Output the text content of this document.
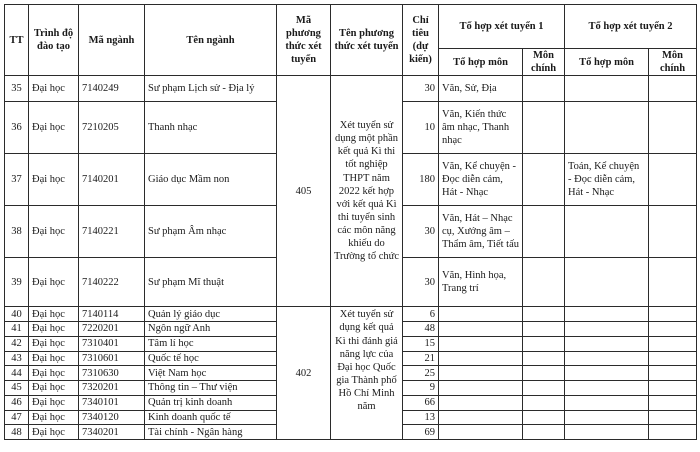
TT	Trình độ đào tạo	Mã ngành	Tên ngành	Mã phương thức xét tuyển	Tên phương thức xét tuyển	Chỉ tiêu (dự kiến)	Tổ hợp xét tuyển 1		Tổ hợp xét tuyển 2	
							Tổ hợp môn	Môn chính	Tổ hợp môn	Môn chính
35	Đại học	7140249	Sư phạm Lịch sử - Địa lý	405	Xét tuyển sử dụng một phần kết quả Kì thi tốt nghiệp THPT năm 2022 kết hợp với kết quả Kì thi tuyển sinh các môn năng khiếu do Trường tổ chức	30	Văn, Sử, Địa			
36	Đại học	7210205	Thanh nhạc			10	Văn, Kiến thức âm nhạc, Thanh nhạc			
37	Đại học	7140201	Giáo dục Mầm non			180	Văn, Kể chuyện - Đọc diễn cảm, Hát - Nhạc		Toán, Kể chuyện - Đọc diễn cảm, Hát - Nhạc	
38	Đại học	7140221	Sư phạm Âm nhạc			30	Văn, Hát – Nhạc cụ, Xướng âm – Thẩm âm, Tiết tấu			
39	Đại học	7140222	Sư phạm Mĩ thuật			30	Văn, Hình họa, Trang trí			
40	Đại học	7140114	Quản lý giáo dục	402	Xét tuyển sử dụng kết quả Kì thi đánh giá năng lực của Đại học Quốc gia Thành phố Hồ Chí Minh năm	6				
41	Đại học	7220201	Ngôn ngữ Anh			48				
42	Đại học	7310401	Tâm lí học			15				
43	Đại học	7310601	Quốc tế học			21				
44	Đại học	7310630	Việt Nam học			25				
45	Đại học	7320201	Thông tin – Thư viện			9				
46	Đại học	7340101	Quản trị kinh doanh			66				
47	Đại học	7340120	Kinh doanh quốc tế			13				
48	Đại học	7340201	Tài chính - Ngân hàng			69				
